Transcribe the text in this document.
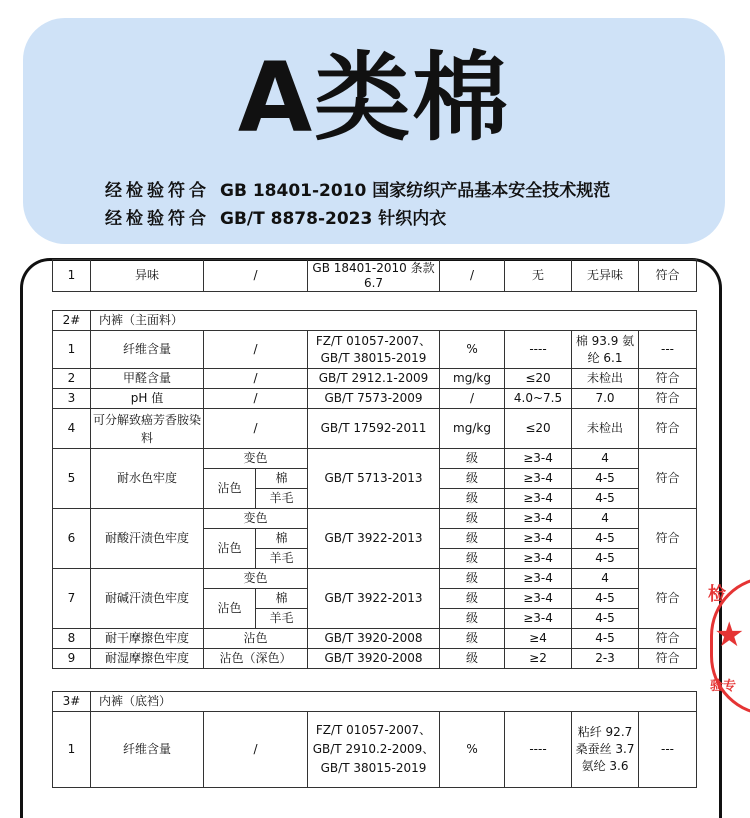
A类棉
经检验符合 GB 18401-2010 国家纺织产品基本安全技术规范
经检验符合 GB/T 8878-2023 针织内衣
检
★
验专
1	异味	/		GB 18401-2010 条款 6.7	/	无	无异味	符合

2#	内裤（主面料）							
1	纤维含量	/		FZ/T 01057-2007、GB/T 38015-2019	%	----	棉 93.9 氨纶 6.1	---
2	甲醛含量	/		GB/T 2912.1-2009	mg/kg	≤20	未检出	符合
3	pH 值	/		GB/T 7573-2009	/	4.0~7.5	7.0	符合
4	可分解致癌芳香胺染料	/		GB/T 17592-2011	mg/kg	≤20	未检出	符合
5	耐水色牢度	变色		GB/T 5713-2013	级	≥3-4	4	符合
		沾色	棉		级	≥3-4	4-5	
			羊毛		级	≥3-4	4-5	
6	耐酸汗渍色牢度	变色		GB/T 3922-2013	级	≥3-4	4	符合
		沾色	棉		级	≥3-4	4-5	
			羊毛		级	≥3-4	4-5	
7	耐碱汗渍色牢度	变色		GB/T 3922-2013	级	≥3-4	4	符合
		沾色	棉		级	≥3-4	4-5	
			羊毛		级	≥3-4	4-5	
8	耐干摩擦色牢度	沾色		GB/T 3920-2008	级	≥4	4-5	符合
9	耐湿摩擦色牢度	沾色（深色）		GB/T 3920-2008	级	≥2	2-3	符合

3#	内裤（底裆）							
1	纤维含量	/		FZ/T 01057-2007、GB/T 2910.2-2009、GB/T 38015-2019	%	----	粘纤 92.7 桑蚕丝 3.7 氨纶 3.6	---
